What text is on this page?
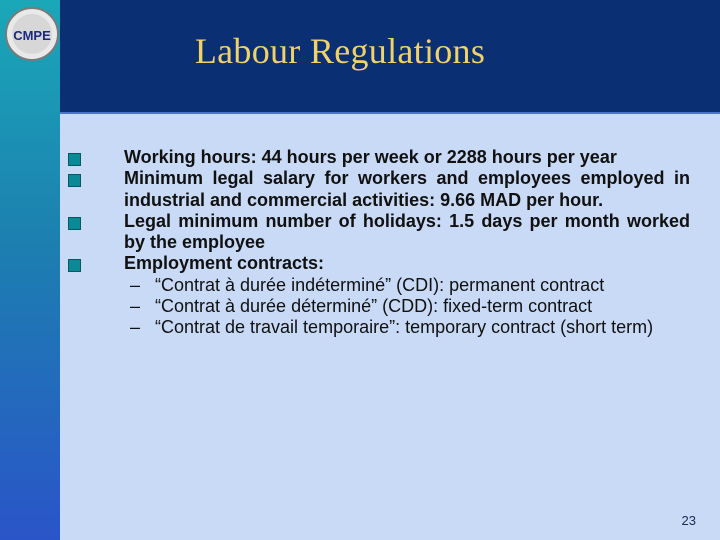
CMPE	Labour Regulations
Working hours: 44 hours per week or 2288 hours per year
Minimum legal salary for workers and employees employed in industrial and commercial activities: 9.66 MAD per hour.
Legal minimum number of holidays: 1.5 days per month worked by the employee
Employment contracts:
– “Contrat à durée indéterminé” (CDI): permanent contract
– “Contrat à durée déterminé” (CDD): fixed-term contract
– “Contrat de travail temporaire”: temporary contract (short term)
23
